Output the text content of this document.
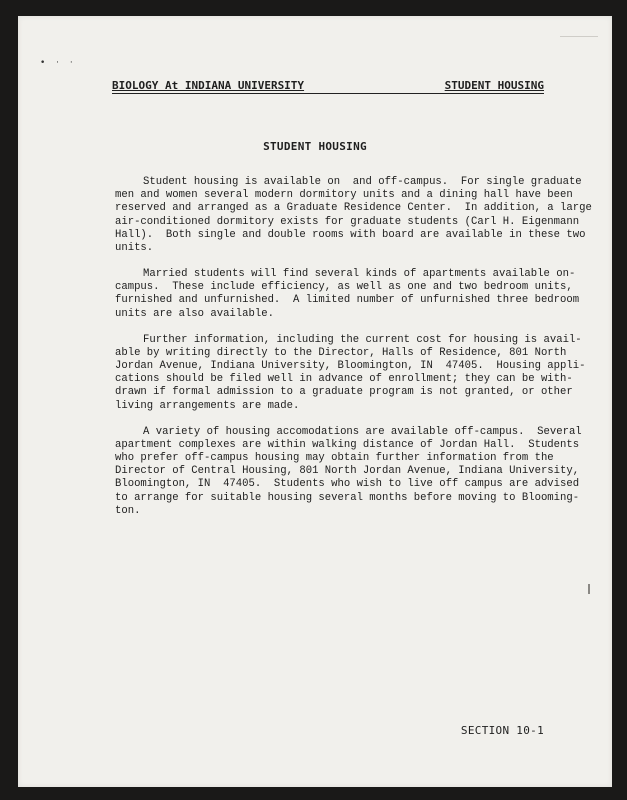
• · ·
BIOLOGY At INDIANA UNIVERSITY	STUDENT HOUSING
STUDENT HOUSING
Student housing is available on  and off-campus.  For single graduate
men and women several modern dormitory units and a dining hall have been
reserved and arranged as a Graduate Residence Center.  In addition, a large
air-conditioned dormitory exists for graduate students (Carl H. Eigenmann
Hall).  Both single and double rooms with board are available in these two
units.
Married students will find several kinds of apartments available on-
campus.  These include efficiency, as well as one and two bedroom units,
furnished and unfurnished.  A limited number of unfurnished three bedroom
units are also available.
Further information, including the current cost for housing is avail-
able by writing directly to the Director, Halls of Residence, 801 North
Jordan Avenue, Indiana University, Bloomington, IN  47405.  Housing appli-
cations should be filed well in advance of enrollment; they can be with-
drawn if formal admission to a graduate program is not granted, or other
living arrangements are made.
A variety of housing accomodations are available off-campus.  Several
apartment complexes are within walking distance of Jordan Hall.  Students
who prefer off-campus housing may obtain further information from the
Director of Central Housing, 801 North Jordan Avenue, Indiana University,
Bloomington, IN  47405.  Students who wish to live off campus are advised
to arrange for suitable housing several months before moving to Blooming-
ton.
SECTION 10-1
